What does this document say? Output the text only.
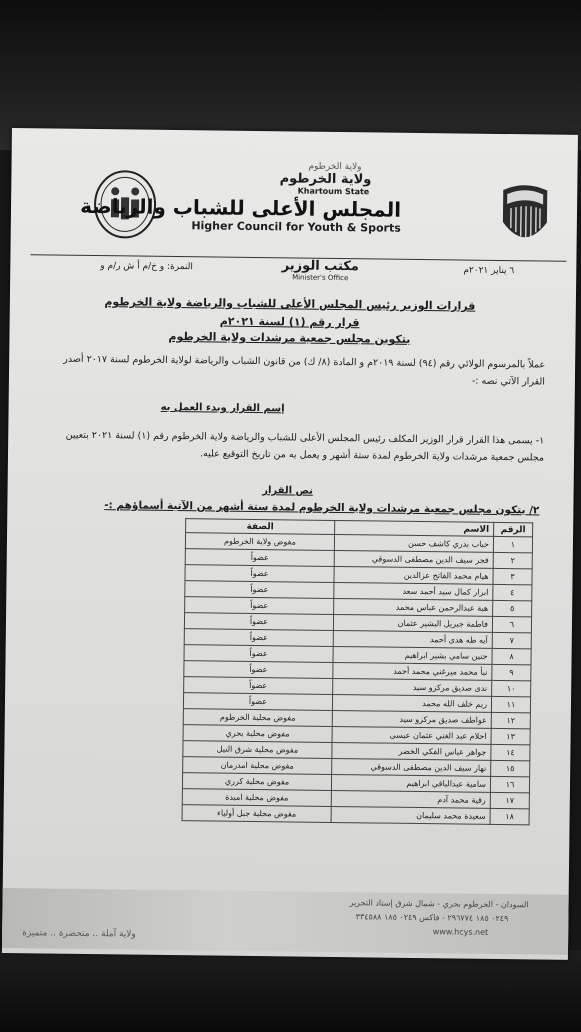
ولاية الخرطوم
ولاية الخرطوم
Khartoum State
المجلس الأعلى للشباب والرياضة
Higher Council for Youth & Sports
٦ يناير ٢٠٢١م
مكتب الوزير
Minister's Office
النمرة: و خ/م أ ش ر/م و
قرارات الوزير رئيس المجلس الأعلى للشباب والرياضة ولاية الخرطوم
قرار رقم (١) لسنة ٢٠٢١م
بتكوين مجلس جمعية مرشدات ولاية الخرطوم
عملاً بالمرسوم الولائي رقم (٩٤) لسنة ٢٠١٩م و المادة (٨/ ك) من قانون الشباب والرياضة لولاية الخرطوم لسنة ٢٠١٧ أصدر القرار الآتي نصه :-
إسم القرار وبدء العمل به
١- يسمى هذا القرار قرار الوزير المكلف رئيس المجلس الأعلى للشباب والرياضة ولاية الخرطوم رقم (١) لسنة ٢٠٢١ بتعيين مجلس جمعية مرشدات ولاية الخرطوم لمدة ستة أشهر و يعمل به من تاريخ التوقيع عليه.
نص القرار
٢/ يتكون مجلس جمعية مرشدات ولاية الخرطوم لمدة ستة أشهر من الآتية أسماؤهم :-
الرقم	الاسم	الصفة
١	حباب بدري كاشف حسن	مفوض ولاية الخرطوم
٢	فجر سيف الدين مصطفى الدسوقي	عضواً
٣	هيام محمد الفاتح عزالدين	عضواً
٤	ابرار كمال سيد أحمد سعد	عضواً
٥	هبة عبدالرحمن عباس محمد	عضواً
٦	فاطمة جبريل البشير عثمان	عضواً
٧	آيه طه هدى أحمد	عضواً
٨	حنين سامي بشير ابراهيم	عضواً
٩	نبأ محمد ميرغني محمد أحمد	عضواً
١٠	ندى صديق مركزو سيد	عضواً
١١	ريم خلف الله محمد	عضواً
١٢	عواطف صديق مركزو سيد	مفوض محلية الخرطوم
١٣	احلام عبد الغني عثمان عيسى	مفوض محلية بحري
١٤	جواهر عباس الفكي الخضر	مفوض محلية شرق النيل
١٥	نهار سيف الدين مصطفى الدسوقي	مفوض محلية امدرمان
١٦	سامية عبدالباقي ابراهيم	مفوض محلية كرري
١٧	رقية محمد آدم	مفوض محلية امبدة
١٨	سعيدة محمد سليمان	مفوض محلية جبل أولياء
السودان - الخرطوم بحري - شمال شرق إستاد التحرير
٠٢٤٩ ١٨٥ ٢٩٦٧٧٤ - فاكس ٠٢٤٩ ١٨٥ ٣٣٤٥٨٨
www.hcys.net
ولاية آملة .. متحضرة .. متميزة
